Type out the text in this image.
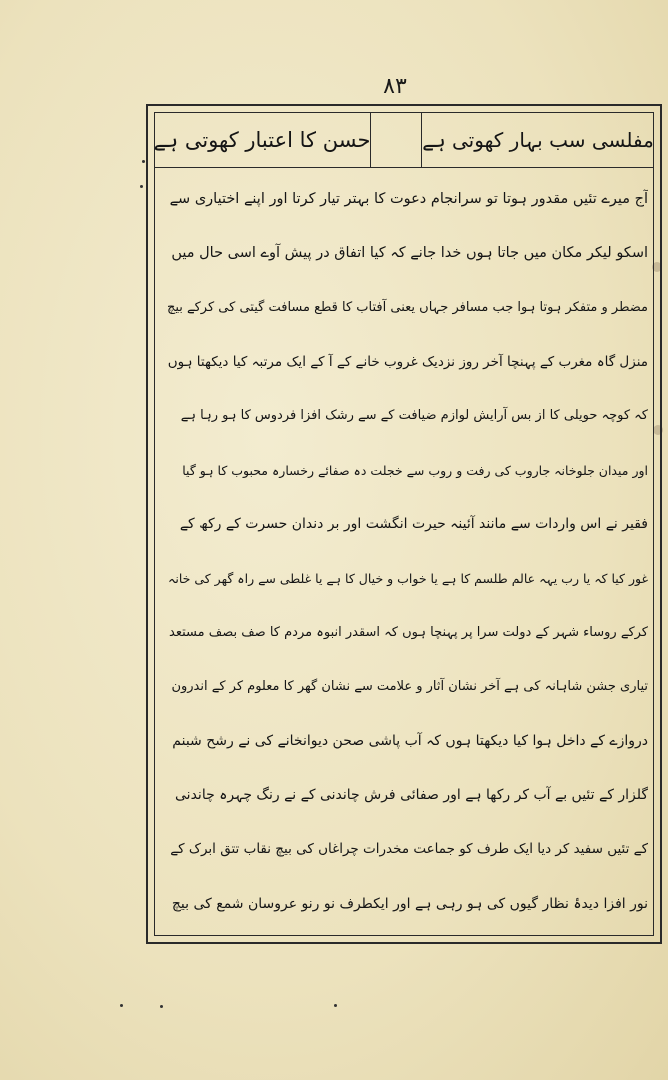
۸۳
مفلسی سب بہار کھوتی ہے
حسن کا اعتبار کھوتی ہے
آج میرے تئیں مقدور ہوتا تو سرانجام دعوت کا بہتر تیار کرتا اور اپنے اختیاری سے
اسکو لیکر مکان میں جاتا ہوں خدا جانے کہ کیا اتفاق در پیش آوے اسی حال میں
مضطر و متفکر ہوتا ہوا جب مسافر جہاں یعنی آفتاب کا قطع مسافت گیتی کی کرکے بیچ
منزل گاہ مغرب کے پہنچا آخر روز نزدیک غروب خانے کے آ کے ایک مرتبہ کیا دیکھتا ہوں
کہ کوچہ حویلی کا از بس آرایش لوازم ضیافت کے سے رشک افزا فردوس کا ہو رہا ہے
اور میدان جلوخانہ جاروب کی رفت و روب سے خجلت دہ صفائے رخسارہ محبوب کا ہو گیا
فقیر نے اس واردات سے مانند آئینہ حیرت انگشت اور بر دندان حسرت کے رکھ کے
غور کیا کہ یا رب یہہ عالم طلسم کا ہے یا خواب و خیال کا ہے یا غلطی سے راہ گھر کی خانہ
کرکے روساء شہر کے دولت سرا پر پہنچا ہوں کہ اسقدر انبوہ مردم کا صف بصف مستعد
تیاری جشن شاہانہ کی ہے آخر نشان آثار و علامت سے نشان گھر کا معلوم کر کے اندرون
دروازے کے داخل ہوا کیا دیکھتا ہوں کہ آب پاشی صحن دیوانخانے کی نے رشح شبنم
گلزار کے تئیں بے آب کر رکھا ہے اور صفائی فرش چاندنی کے نے رنگ چہرہ چاندنی
کے تئیں سفید کر دیا ایک طرف کو جماعت مخدرات چراغاں کی بیچ نقاب تتق ابرک کے
نور افزا دیدۂ نظار گیوں کی ہو رہی ہے اور ایکطرف نو رنو عروسان شمع کی بیچ
